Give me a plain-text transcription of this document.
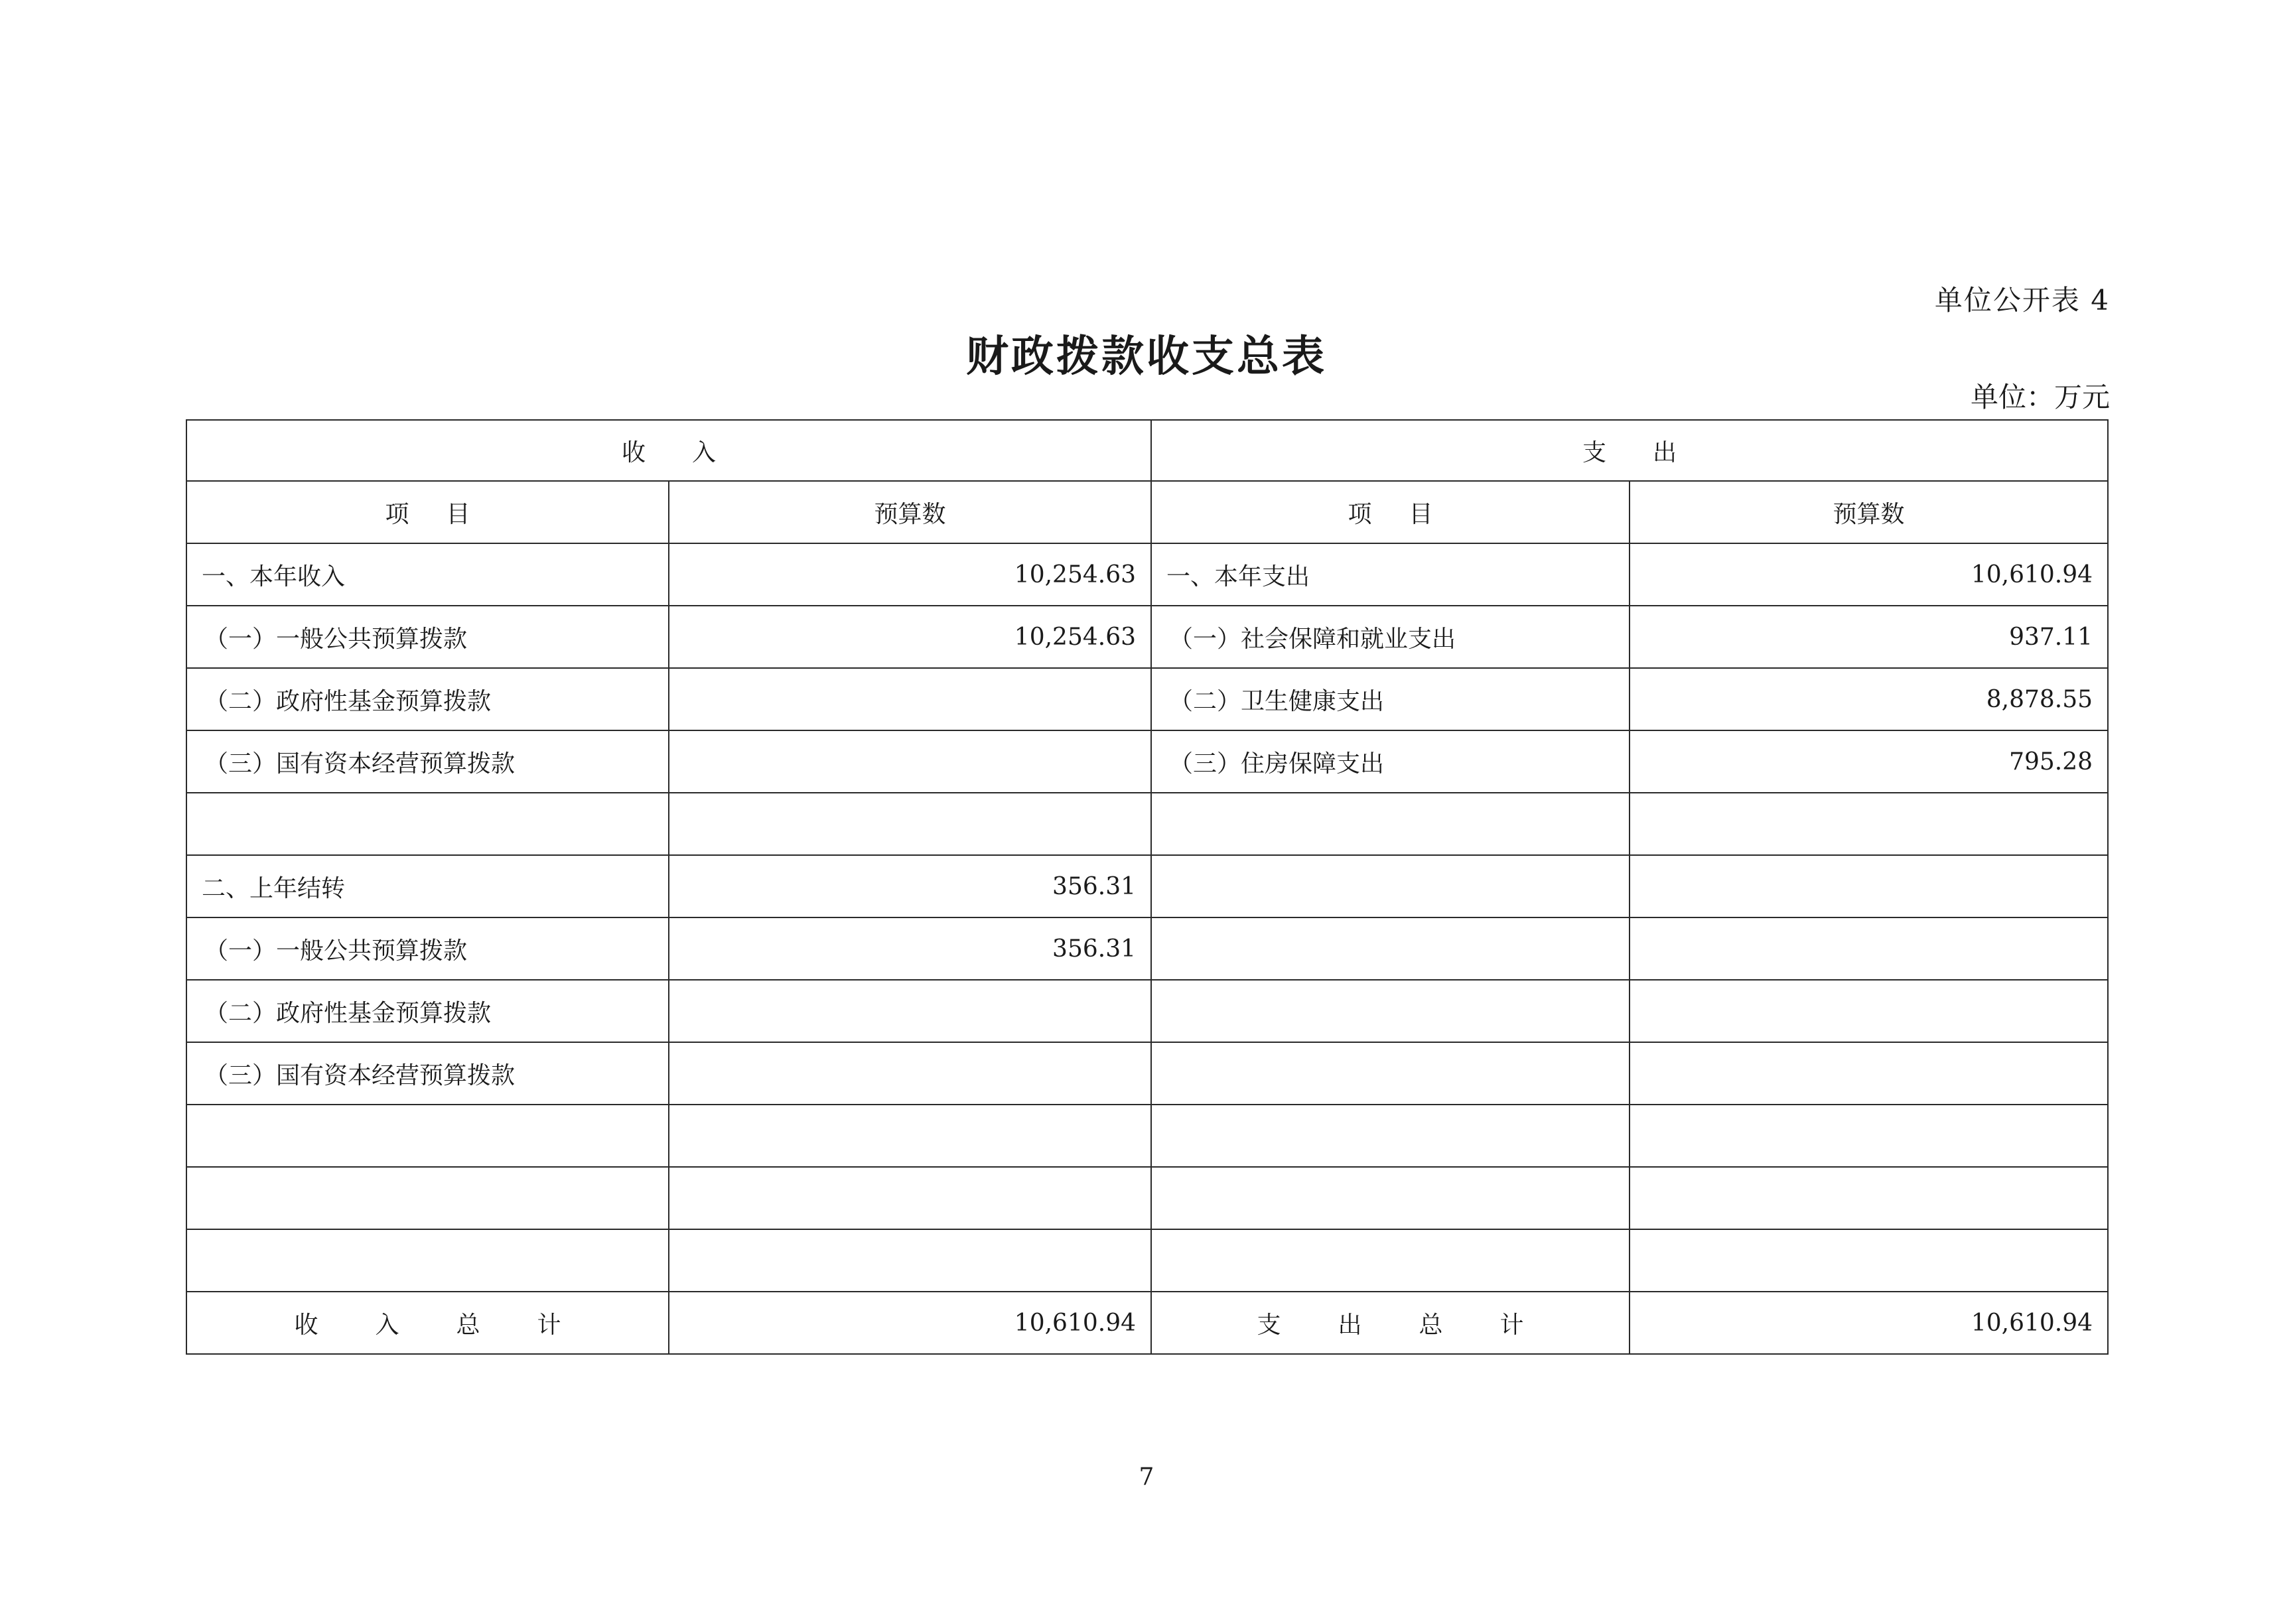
单位公开表 4
财政拨款收支总表
单位：万元
收入		支出	
项目	预算数	项目	预算数
一、本年收入	10,254.63	一、本年支出	10,610.94
（一）一般公共预算拨款	10,254.63	（一）社会保障和就业支出	937.11
（二）政府性基金预算拨款		（二）卫生健康支出	8,878.55
（三）国有资本经营预算拨款		（三）住房保障支出	795.28

二、上年结转	356.31		
（一）一般公共预算拨款	356.31		
（二）政府性基金预算拨款			
（三）国有资本经营预算拨款			

收入总计	10,610.94	支出总计	10,610.94
7
